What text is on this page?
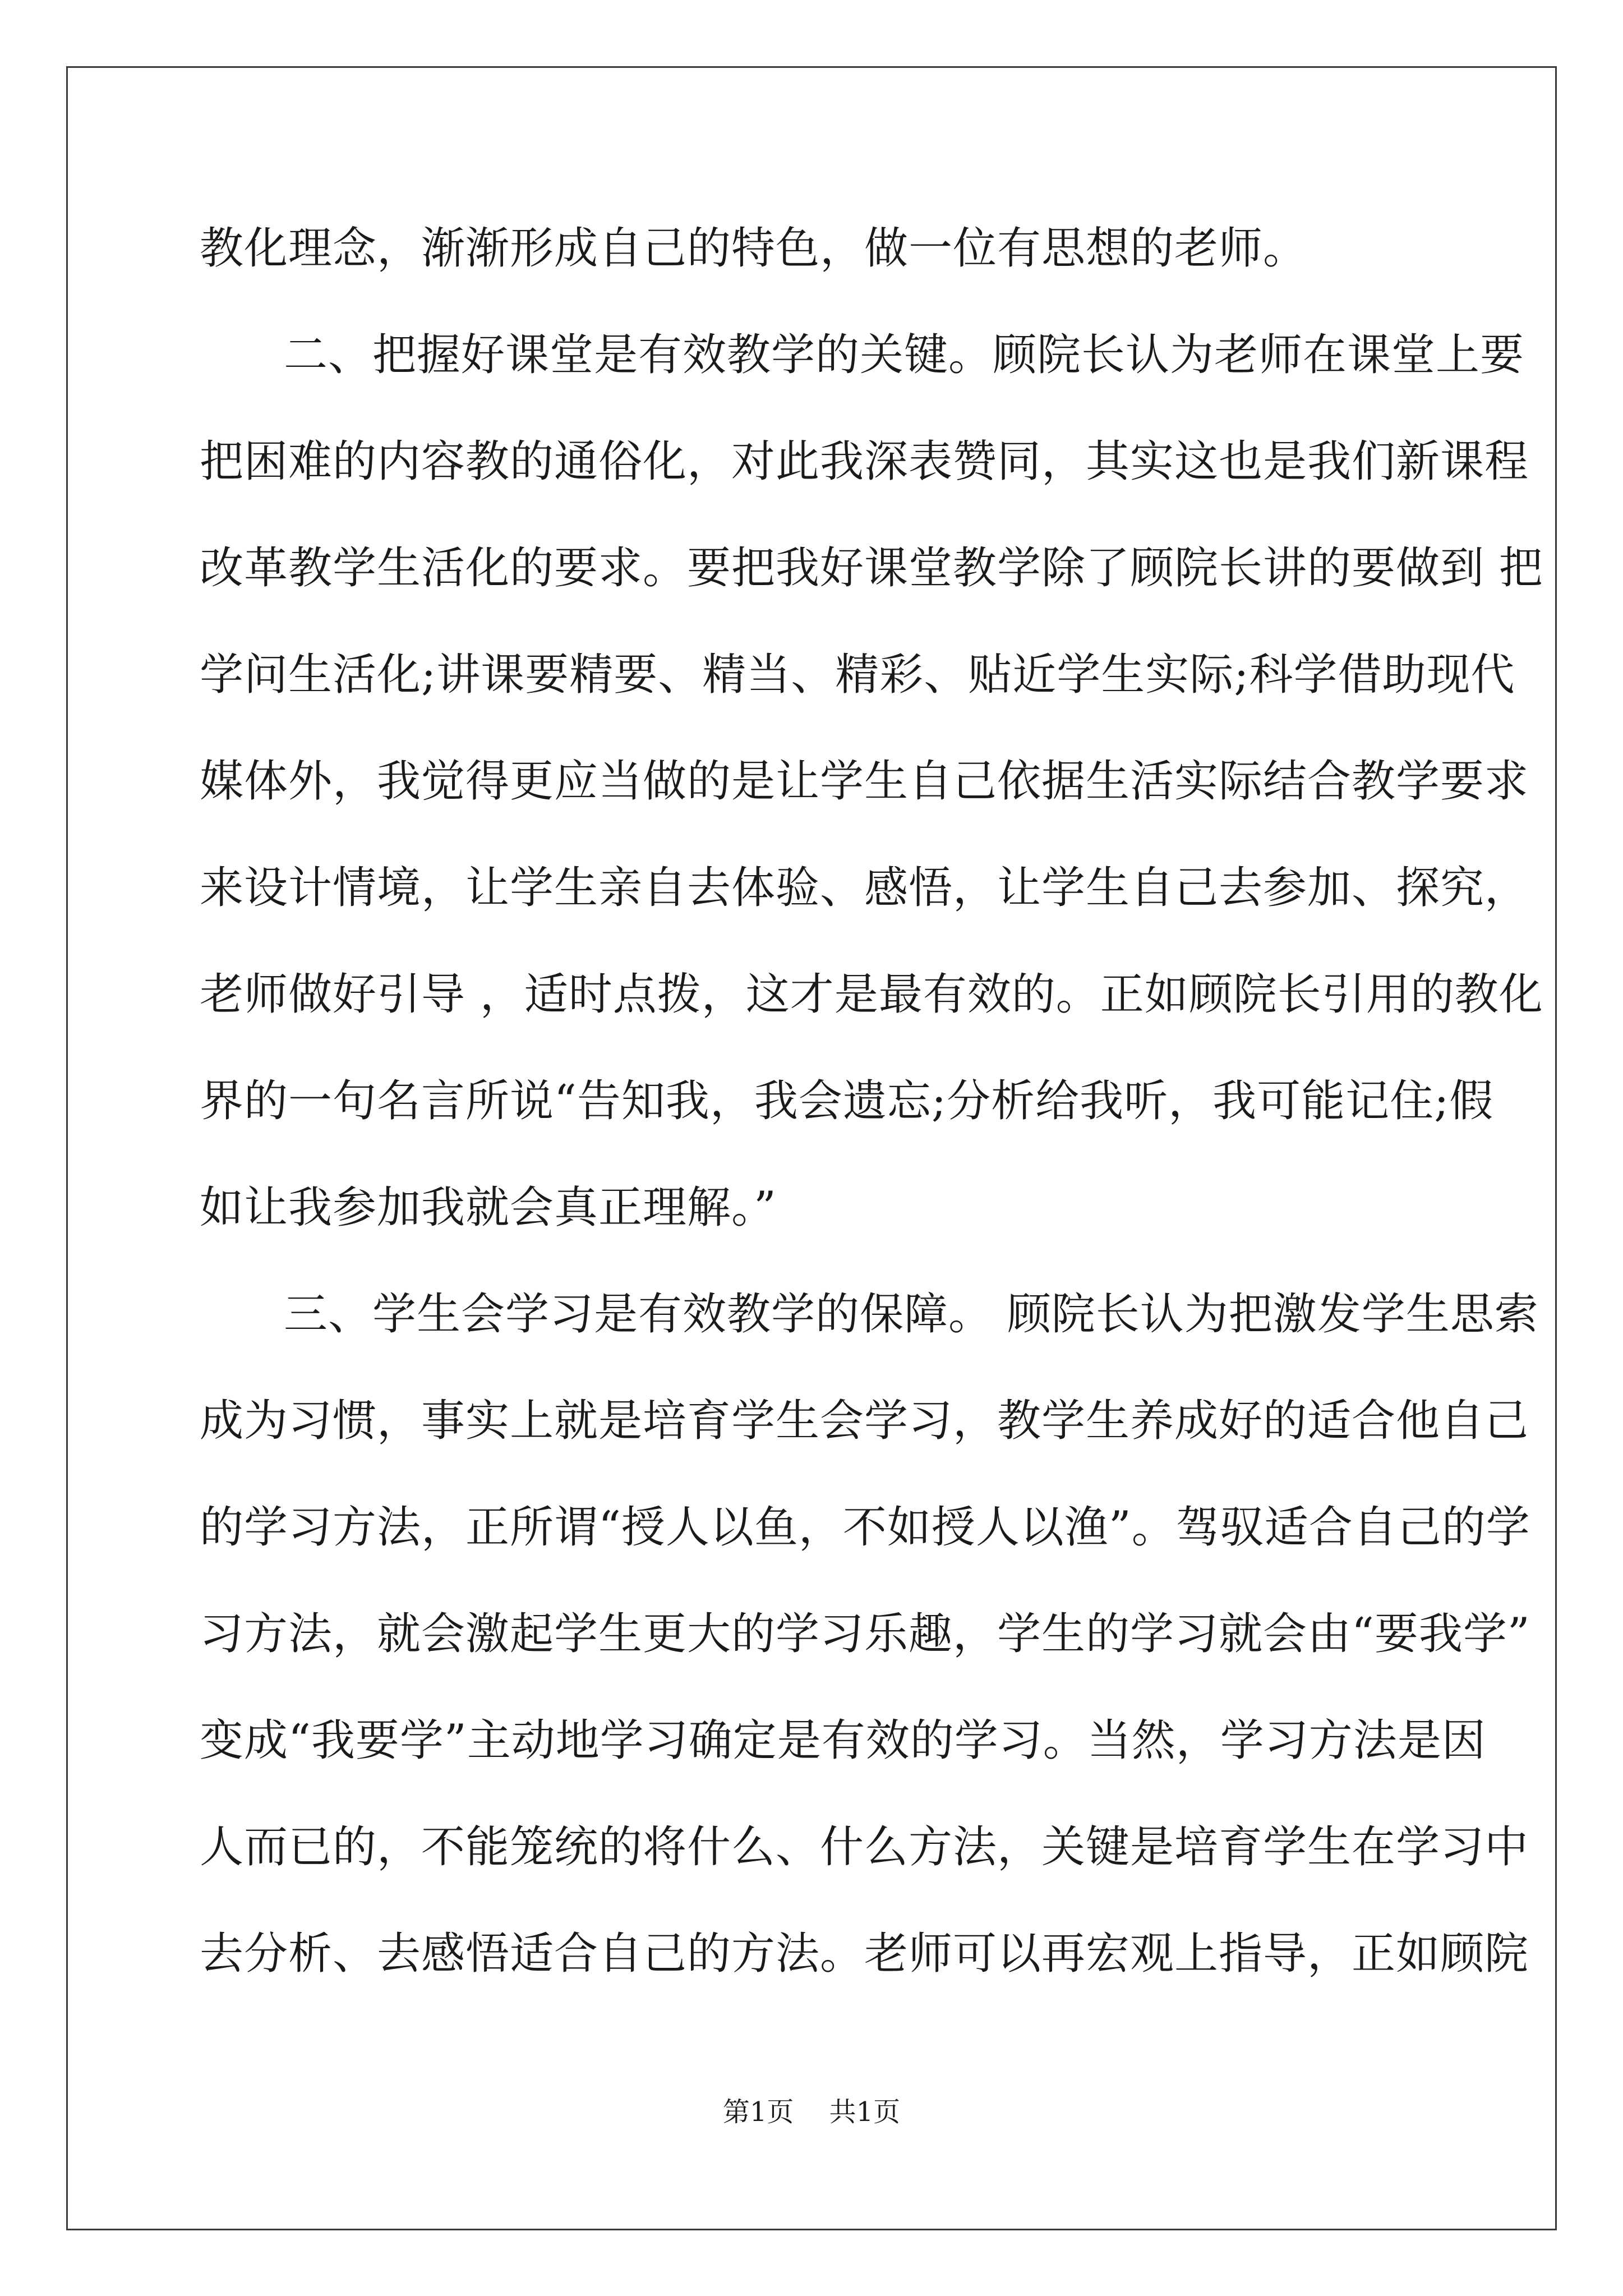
教化理念，渐渐形成自己的特色，做一位有思想的老师。
二、把握好课堂是有效教学的关键。顾院长认为老师在课堂上要
把困难的内容教的通俗化，对此我深表赞同，其实这也是我们新课程
改革教学生活化的要求。要把我好课堂教学除了顾院长讲的要做到 把
学问生活化;讲课要精要、精当、精彩、贴近学生实际;科学借助现代
媒体外，我觉得更应当做的是让学生自己依据生活实际结合教学要求
来设计情境，让学生亲自去体验、感悟，让学生自己去参加、探究，
老师做好引导 ，适时点拨，这才是最有效的。正如顾院长引用的教化
界的一句名言所说“告知我，我会遗忘;分析给我听，我可能记住;假
如让我参加我就会真正理解。”
三、学生会学习是有效教学的保障。 顾院长认为把激发学生思索
成为习惯，事实上就是培育学生会学习，教学生养成好的适合他自己
的学习方法，正所谓“授人以鱼，不如授人以渔”。驾驭适合自己的学
习方法，就会激起学生更大的学习乐趣，学生的学习就会由“要我学”
变成“我要学”主动地学习确定是有效的学习。当然，学习方法是因
人而已的，不能笼统的将什么、什么方法，关键是培育学生在学习中
去分析、去感悟适合自己的方法。老师可以再宏观上指导，正如顾院
第1页 共1页
